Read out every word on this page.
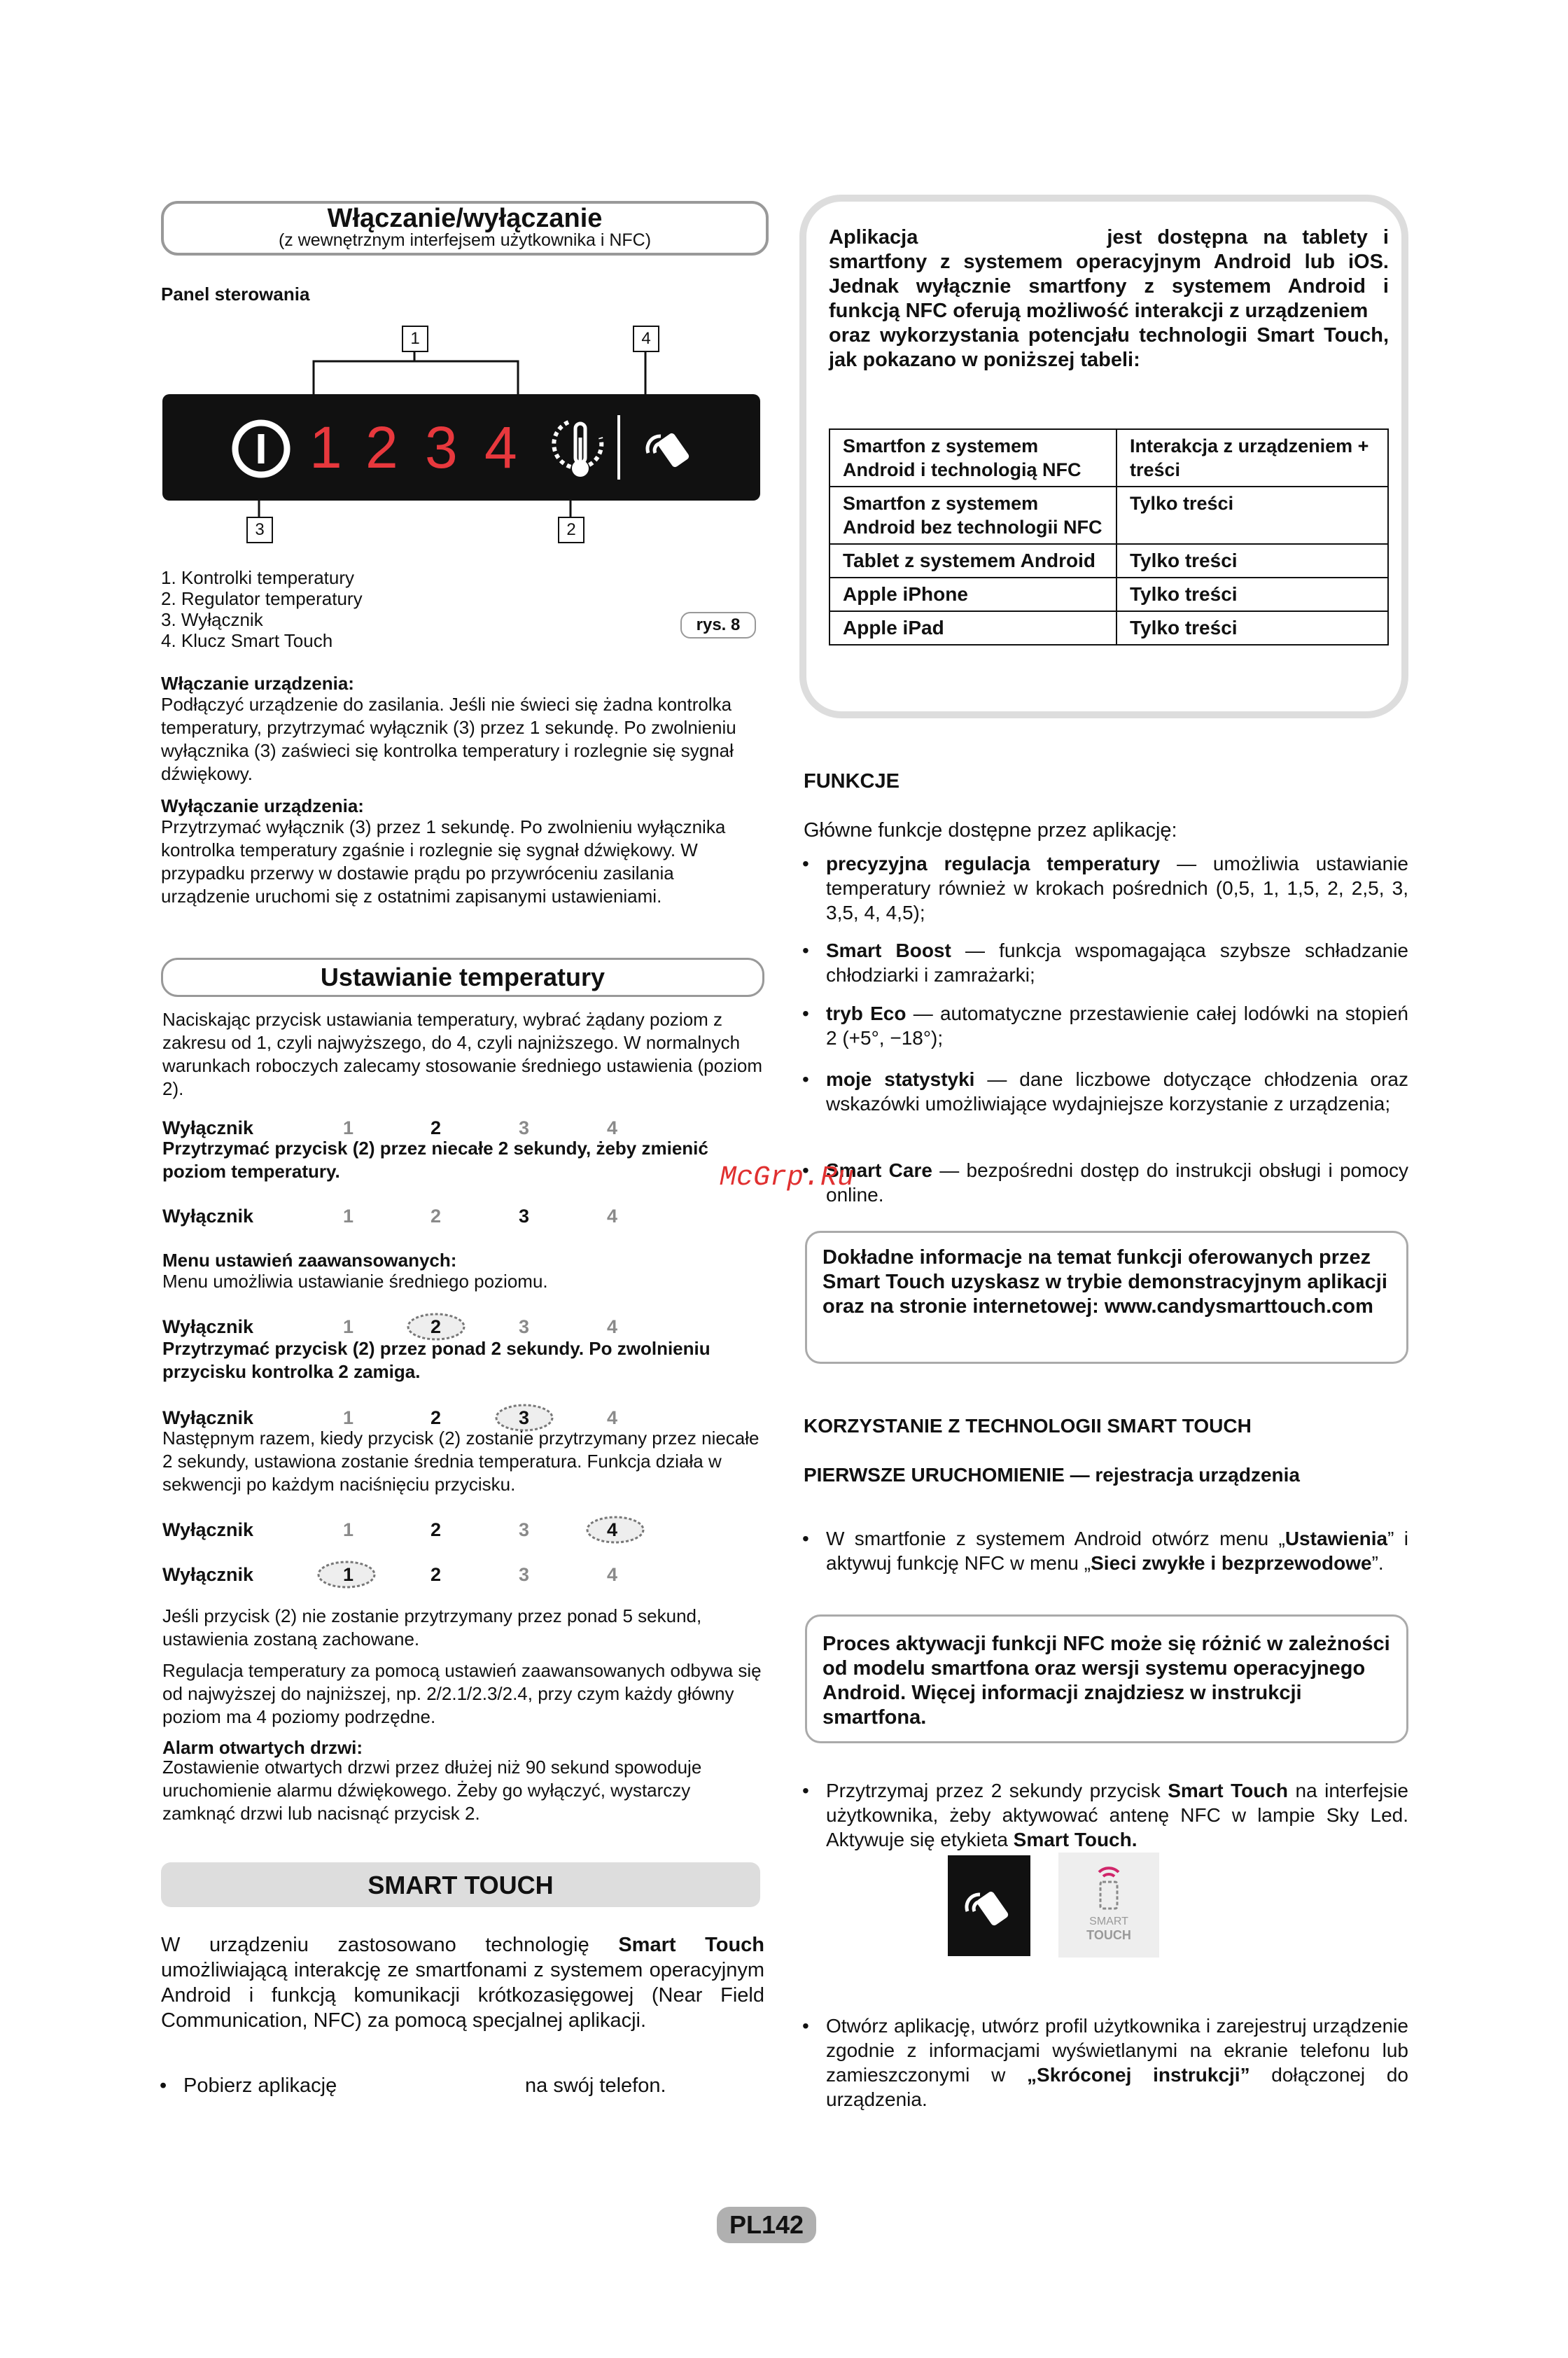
Włączanie/wyłączanie
(z wewnętrznym interfejsem użytkownika i NFC)
Panel sterowania
1	4
1 2 3 4
3	2
1. Kontrolki temperatury
2. Regulator temperatury
3. Wyłącznik
4. Klucz Smart Touch
rys. 8
Włączanie urządzenia:
Podłączyć urządzenie do zasilania. Jeśli nie świeci się żadna kontrolka temperatury, przytrzymać wyłącznik (3) przez 1 sekundę. Po zwolnieniu wyłącznika (3) zaświeci się kontrolka temperatury i rozlegnie się sygnał dźwiękowy.
Wyłączanie urządzenia:
Przytrzymać wyłącznik (3) przez 1 sekundę. Po zwolnieniu wyłącznika kontrolka temperatury zgaśnie i rozlegnie się sygnał dźwiękowy. W przypadku przerwy w dostawie prądu po przywróceniu zasilania urządzenie uruchomi się z ostatnimi zapisanymi ustawieniami.
Ustawianie temperatury
Naciskając przycisk ustawiania temperatury, wybrać żądany poziom z zakresu od 1, czyli najwyższego, do 4, czyli najniższego. W normalnych warunkach roboczych zalecamy stosowanie średniego ustawienia (poziom 2).
Wyłącznik	1	2	3	4
Przytrzymać przycisk (2) przez niecałe 2 sekundy, żeby zmienić poziom temperatury.
Wyłącznik	1	2	3	4
Menu ustawień zaawansowanych:
Menu umożliwia ustawianie średniego poziomu.
Wyłącznik	1	2	3	4
Przytrzymać przycisk (2) przez ponad 2 sekundy. Po zwolnieniu przycisku kontrolka 2 zamiga.
Wyłącznik	1	2	3	4
Następnym razem, kiedy przycisk (2) zostanie przytrzymany przez niecałe 2 sekundy, ustawiona zostanie średnia temperatura. Funkcja działa w sekwencji po każdym naciśnięciu przycisku.
Wyłącznik	1	2	3	4
Wyłącznik	1	2	3	4
Jeśli przycisk (2) nie zostanie przytrzymany przez ponad 5 sekund, ustawienia zostaną zachowane.
Regulacja temperatury za pomocą ustawień zaawansowanych odbywa się od najwyższej do najniższej, np. 2/2.1/2.3/2.4, przy czym każdy główny poziom ma 4 poziomy podrzędne.
Alarm otwartych drzwi:
Zostawienie otwartych drzwi przez dłużej niż 90 sekund spowoduje uruchomienie alarmu dźwiękowego. Żeby go wyłączyć, wystarczy zamknąć drzwi lub nacisnąć przycisk 2.
SMART TOUCH
W urządzeniu zastosowano technologię Smart Touch umożliwiającą interakcję ze smartfonami z systemem operacyjnym Android i funkcją komunikacji krótkozasięgowej (Near Field Communication, NFC) za pomocą specjalnej aplikacji.
• Pobierz aplikację	na swój telefon.
Aplikacja	jest dostępna na tablety i smartfony z systemem operacyjnym Android lub iOS. Jednak wyłącznie smartfony z systemem Android i funkcją NFC oferują możliwość interakcji z urządzeniem
oraz wykorzystania potencjału technologii Smart Touch, jak pokazano w poniższej tabeli:
Smartfon z systemem Android i technologią NFC	Interakcja z urządzeniem + treści
Smartfon z systemem Android bez technologii NFC	Tylko treści
Tablet z systemem Android	Tylko treści
Apple iPhone	Tylko treści
Apple iPad	Tylko treści
FUNKCJE
Główne funkcje dostępne przez aplikację:
• precyzyjna regulacja temperatury — umożliwia ustawianie temperatury również w krokach pośrednich (0,5, 1, 1,5, 2, 2,5, 3, 3,5, 4, 4,5);
• Smart Boost — funkcja wspomagająca szybsze schładzanie chłodziarki i zamrażarki;
• tryb Eco — automatyczne przestawienie całej lodówki na stopień 2 (+5°, −18°);
• moje statystyki — dane liczbowe dotyczące chłodzenia oraz wskazówki umożliwiające wydajniejsze korzystanie z urządzenia;
• Smart Care — bezpośredni dostęp do instrukcji obsługi i pomocy online.
Dokładne informacje na temat funkcji oferowanych przez Smart Touch uzyskasz w trybie demonstracyjnym aplikacji oraz na stronie internetowej: www.candysmarttouch.com
KORZYSTANIE Z TECHNOLOGII SMART TOUCH
PIERWSZE URUCHOMIENIE — rejestracja urządzenia
• W smartfonie z systemem Android otwórz menu „Ustawienia” i aktywuj funkcję NFC w menu „Sieci zwykłe i bezprzewodowe”.
Proces aktywacji funkcji NFC może się różnić w zależności od modelu smartfona oraz wersji systemu operacyjnego Android. Więcej informacji znajdziesz w instrukcji smartfona.
• Przytrzymaj przez 2 sekundy przycisk Smart Touch na interfejsie użytkownika, żeby aktywować antenę NFC w lampie Sky Led. Aktywuje się etykieta Smart Touch.
SMART
TOUCH
• Otwórz aplikację, utwórz profil użytkownika i zarejestruj urządzenie zgodnie z informacjami wyświetlanymi na ekranie telefonu lub zamieszczonymi w „Skróconej instrukcji” dołączonej do urządzenia.
McGrp.Ru
PL142
